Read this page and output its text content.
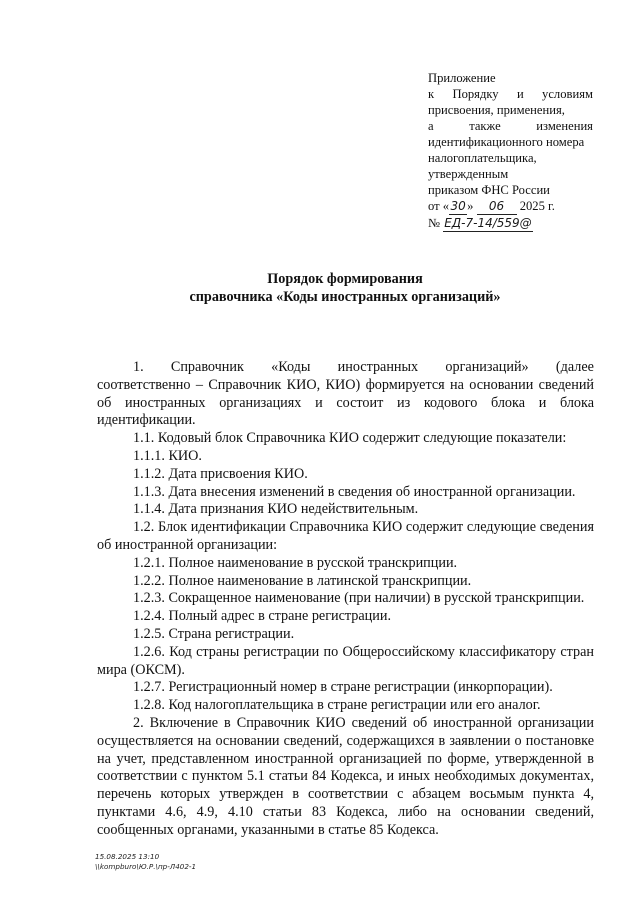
Приложение
к Порядку и условиям
присвоения, применения,
а	также	изменения
идентификационного номера
налогоплательщика,
утвержденным
приказом ФНС России
от «30» 06 2025 г.
№ ЕД-7-14/559@
Порядок формирования
справочника «Коды иностранных организаций»
1. Справочник «Коды иностранных организаций» (далее
соответственно – Справочник КИО, КИО) формируется на основании сведений об иностранных организациях и состоит из кодового блока и блока идентификации.
1.1. Кодовый блок Справочника КИО содержит следующие показатели:
1.1.1. КИО.
1.1.2. Дата присвоения КИО.
1.1.3. Дата внесения изменений в сведения об иностранной организации.
1.1.4. Дата признания КИО недействительным.
1.2. Блок идентификации Справочника КИО содержит следующие сведения об иностранной организации:
1.2.1. Полное наименование в русской транскрипции.
1.2.2. Полное наименование в латинской транскрипции.
1.2.3. Сокращенное наименование (при наличии) в русской транскрипции.
1.2.4. Полный адрес в стране регистрации.
1.2.5. Страна регистрации.
1.2.6. Код страны регистрации по Общероссийскому классификатору стран мира (ОКСМ).
1.2.7. Регистрационный номер в стране регистрации (инкорпорации).
1.2.8. Код налогоплательщика в стране регистрации или его аналог.
2. Включение в Справочник КИО сведений об иностранной организации осуществляется на основании сведений, содержащихся в заявлении о постановке на учет, представленном иностранной организацией по форме, утвержденной в соответствии с пунктом 5.1 статьи 84 Кодекса, и иных необходимых документах, перечень которых утвержден в соответствии с абзацем восьмым пункта 4, пунктами 4.6, 4.9, 4.10 статьи 83 Кодекса, либо на основании сведений, сообщенных органами, указанными в статье 85 Кодекса.
15.08.2025 13:10
\\kompburo\Ю.Р.\пр-Л402-1
